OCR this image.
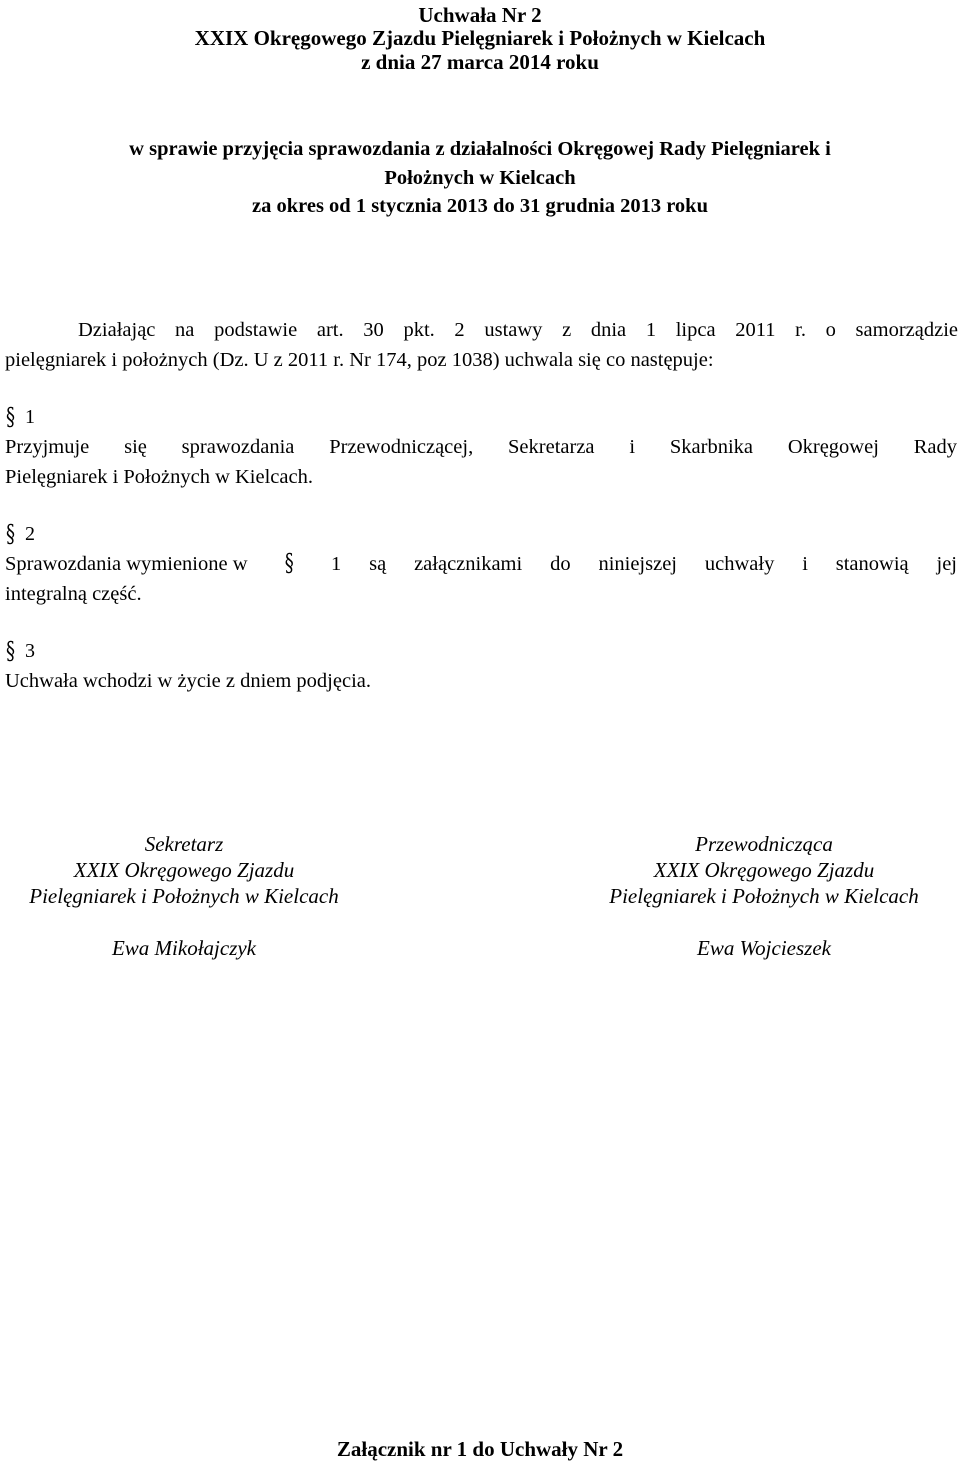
Uchwała Nr 2
XXIX Okręgowego Zjazdu Pielęgniarek i Położnych w Kielcach
z dnia 27 marca 2014 roku
w sprawie przyjęcia sprawozdania z działalności Okręgowej Rady Pielęgniarek i
Położnych w Kielcach
za okres od 1 stycznia 2013 do 31 grudnia 2013 roku
Działając na podstawie art. 30 pkt. 2 ustawy z dnia 1 lipca 2011 r. o samorządzie
pielęgniarek i położnych (Dz. U z 2011 r. Nr 174, poz 1038) uchwala się co następuje:
§ 1
Przyjmuje się sprawozdania Przewodniczącej, Sekretarza i Skarbnika Okręgowej Rady
Pielęgniarek i Położnych w Kielcach.
§ 2
Sprawozdania wymienione w § 1 są załącznikami do niniejszej uchwały i stanowią jej
integralną część.
§ 3
Uchwała wchodzi w życie z dniem podjęcia.
Sekretarz
XXIX Okręgowego Zjazdu
Pielęgniarek i Położnych w Kielcach
Ewa Mikołajczyk
Przewodnicząca
XXIX Okręgowego Zjazdu
Pielęgniarek i Położnych w Kielcach
Ewa Wojcieszek
Załącznik nr 1 do Uchwały Nr 2
